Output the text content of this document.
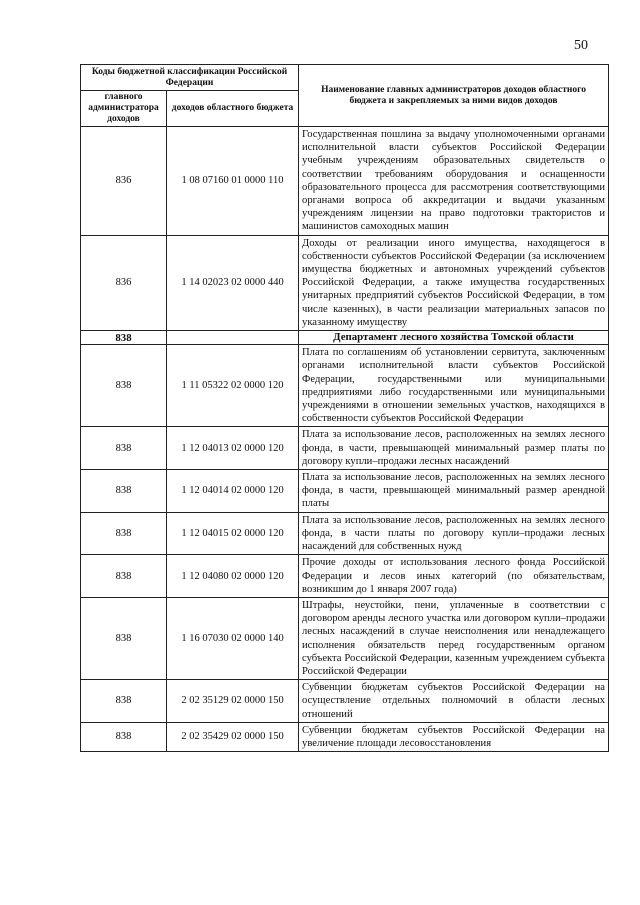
50
Коды бюджетной классификации Российской Федерации		Наименование главных администраторов доходов областного бюджета и закрепляемых за ними видов доходов
главного администратора доходов	доходов областного бюджета	
836	1 08 07160 01 0000 110	Государственная пошлина за выдачу уполномоченными органами исполнительной власти субъектов Российской Федерации учебным учреждениям образовательных свидетельств о соответствии требованиям оборудования и оснащенности образовательного процесса для рассмотрения соответствующими органами вопроса об аккредитации и выдачи указанным учреждениям лицензии на право подготовки трактористов и машинистов самоходных машин
836	1 14 02023 02 0000 440	Доходы от реализации иного имущества, находящегося в собственности субъектов Российской Федерации (за исключением имущества бюджетных и автономных учреждений субъектов Российской Федерации, а также имущества государственных унитарных предприятий субъектов Российской Федерации, в том числе казенных), в части реализации материальных запасов по указанному имуществу
838		Департамент лесного хозяйства Томской области
838	1 11 05322 02 0000 120	Плата по соглашениям об установлении сервитута, заключенным органами исполнительной власти субъектов Российской Федерации, государственными или муниципальными предприятиями либо государственными или муниципальными учреждениями в отношении земельных участков, находящихся в собственности субъектов Российской Федерации
838	1 12 04013 02 0000 120	Плата за использование лесов, расположенных на землях лесного фонда, в части, превышающей минимальный размер платы по договору купли–продажи лесных насаждений
838	1 12 04014 02 0000 120	Плата за использование лесов, расположенных на землях лесного фонда, в части, превышающей минимальный размер арендной платы
838	1 12 04015 02 0000 120	Плата за использование лесов, расположенных на землях лесного фонда, в части платы по договору купли–продажи лесных насаждений для собственных нужд
838	1 12 04080 02 0000 120	Прочие доходы от использования лесного фонда Российской Федерации и лесов иных категорий (по обязательствам, возникшим до 1 января 2007 года)
838	1 16 07030 02 0000 140	Штрафы, неустойки, пени, уплаченные в соответствии с договором аренды лесного участка или договором купли–продажи лесных насаждений в случае неисполнения или ненадлежащего исполнения обязательств перед государственным органом субъекта Российской Федерации, казенным учреждением субъекта Российской Федерации
838	2 02 35129 02 0000 150	Субвенции бюджетам субъектов Российской Федерации на осуществление отдельных полномочий в области лесных отношений
838	2 02 35429 02 0000 150	Субвенции бюджетам субъектов Российской Федерации на увеличение площади лесовосстановления
